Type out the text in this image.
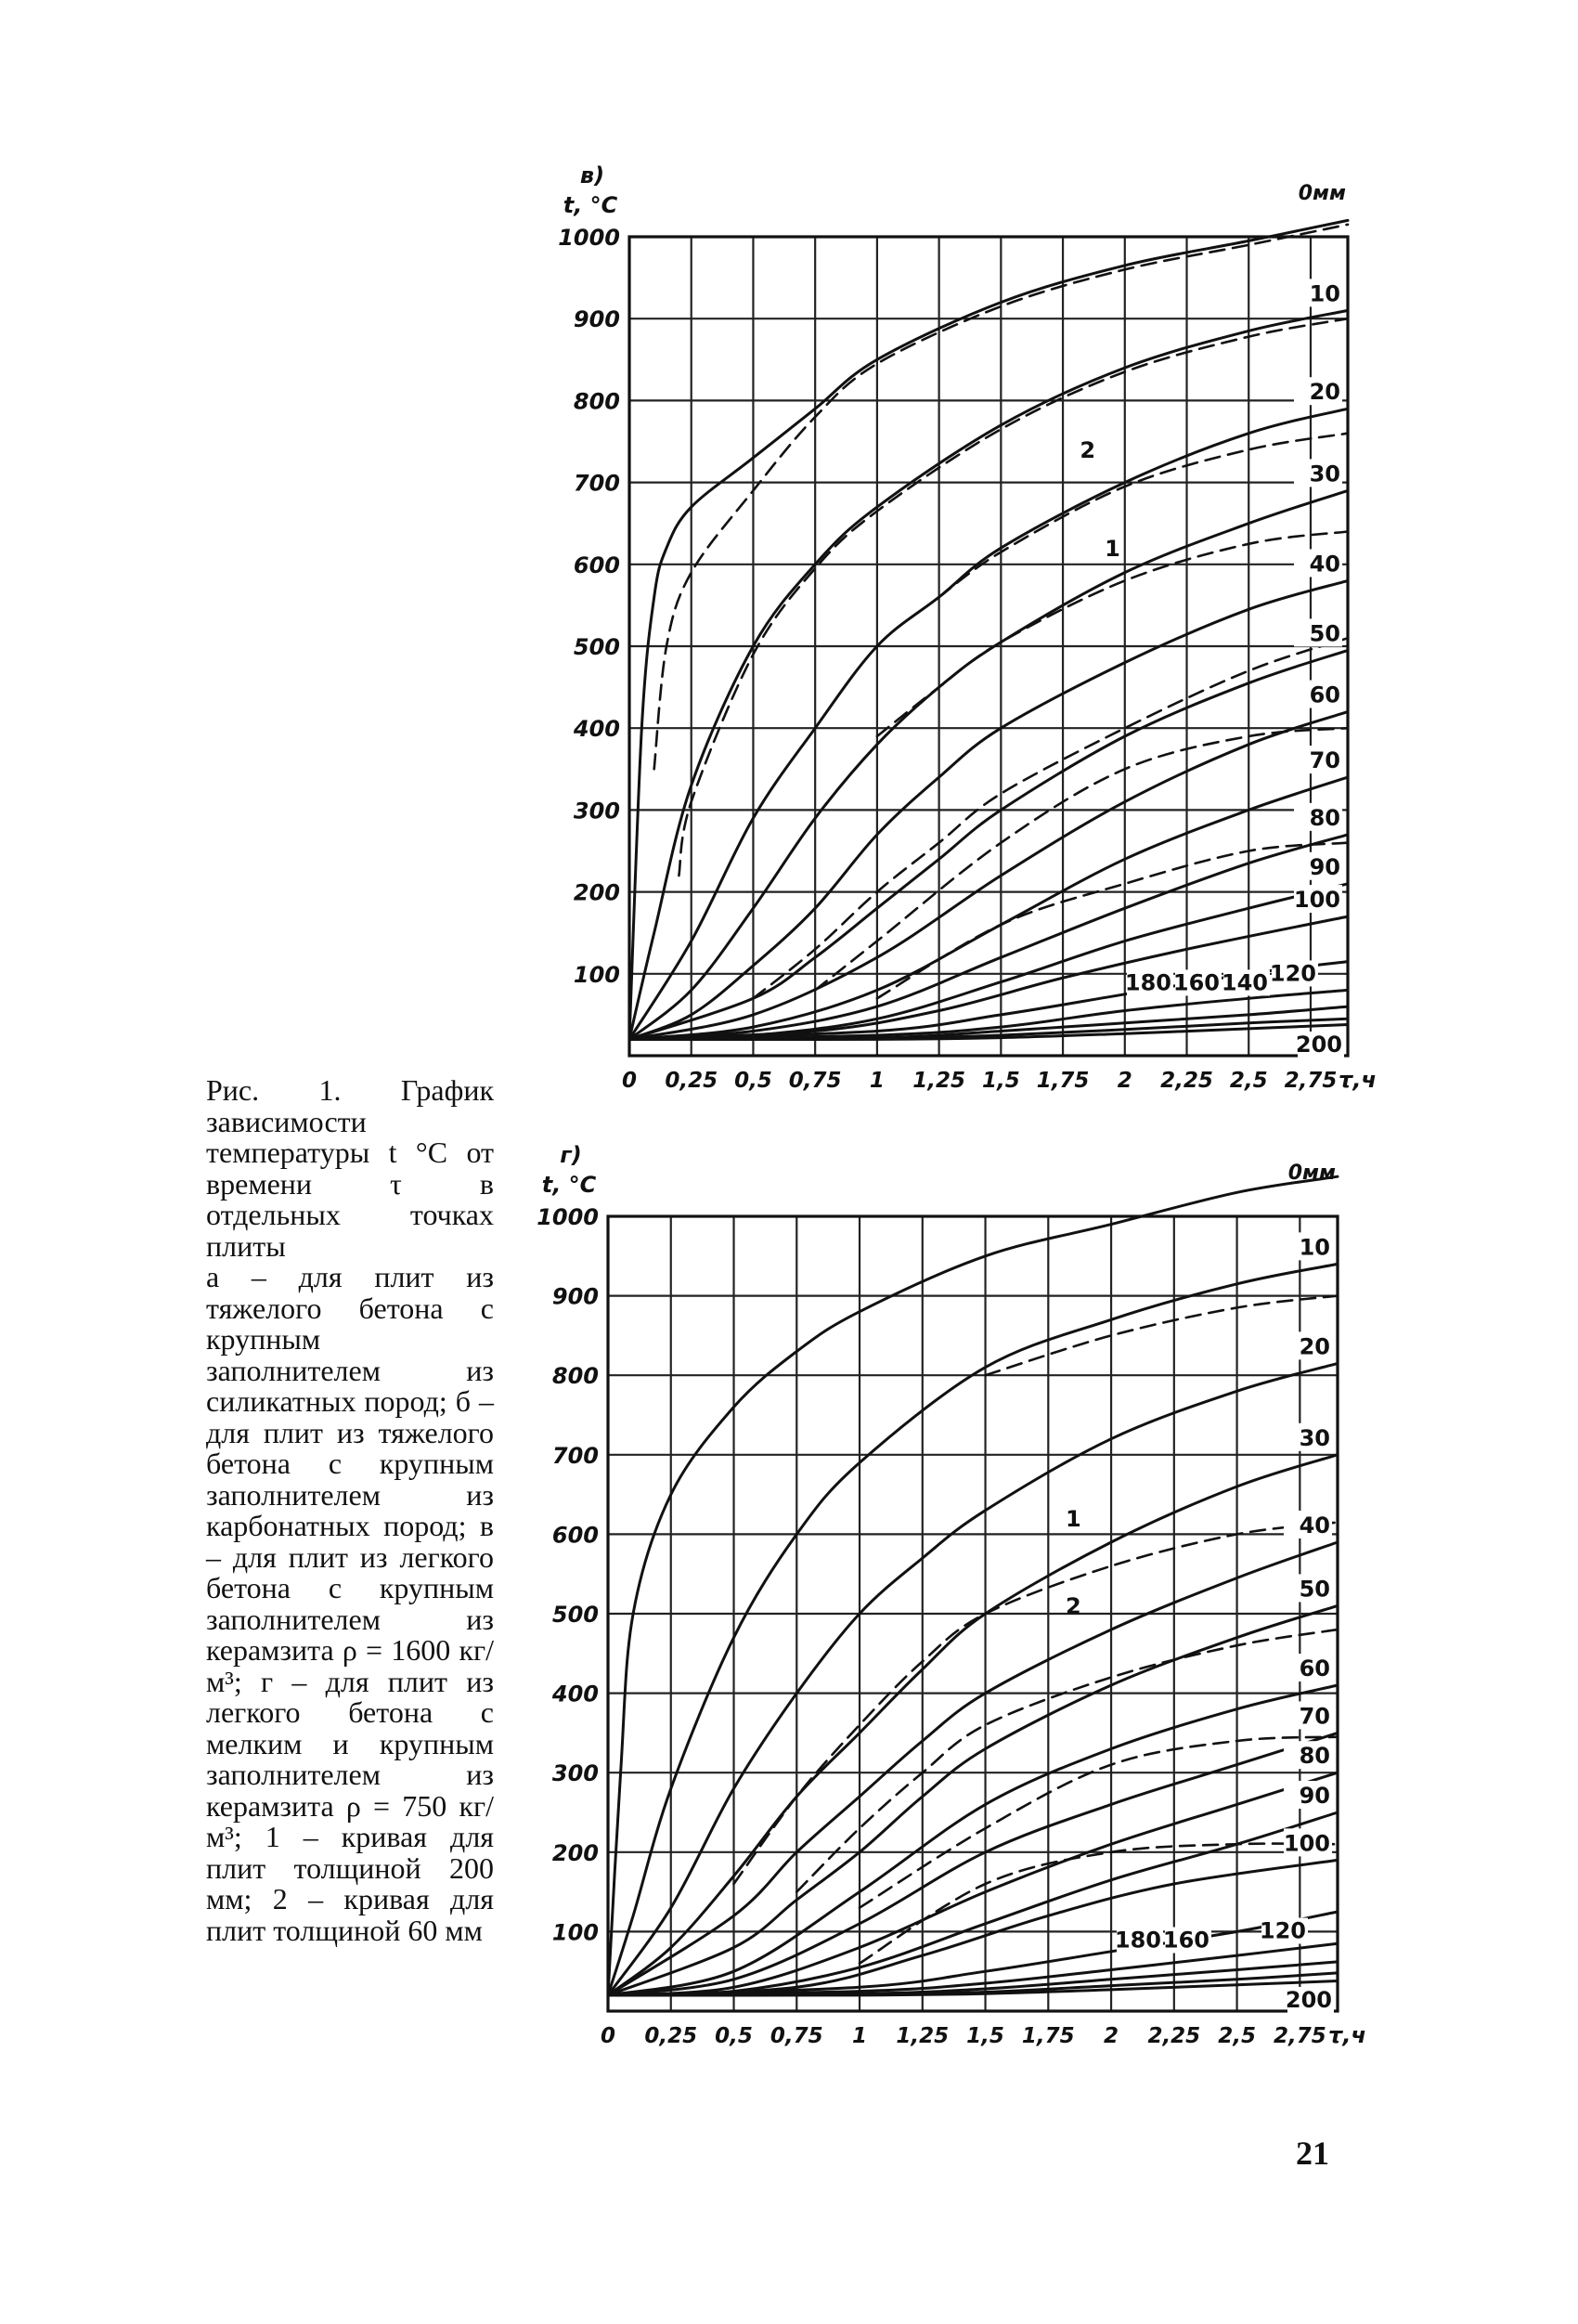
100
200
300
400
500
600
700
800
900
1000
0 0,25 0,5 0,75 1 1,25 1,5 1,75 2 2,25 2,5 2,75 τ,ч
в)
t, °C	0мм
10
20
30
40
50
60
70
80
90
100
120
140
160
180
200
2
1
100
200
300
400
500
600
700
800
900
1000
0 0,25 0,5 0,75 1 1,25 1,5 1,75 2 2,25 2,5 2,75 τ,ч
г)
t, °C	0мм
10
20
30
40
50
60
70
80
90
100
120
160
180
200
1
2

Рис. 1. График зависимости температуры t °С от времени τ в отдельных точках плиты

а – для плит из тяжелого бетона с крупным заполнителем из силикатных пород; б – для плит из тяжелого бетона с крупным заполнителем из карбонатных пород; в – для плит из легкого бетона с крупным заполнителем из керамзита ρ = 1600 кг/м³; г – для плит из легкого бетона с мелким и крупным заполнителем из керамзита ρ = 750 кг/м³; 1 – кривая для плит толщиной 200 мм; 2 – кривая для плит толщиной 60 мм

21
